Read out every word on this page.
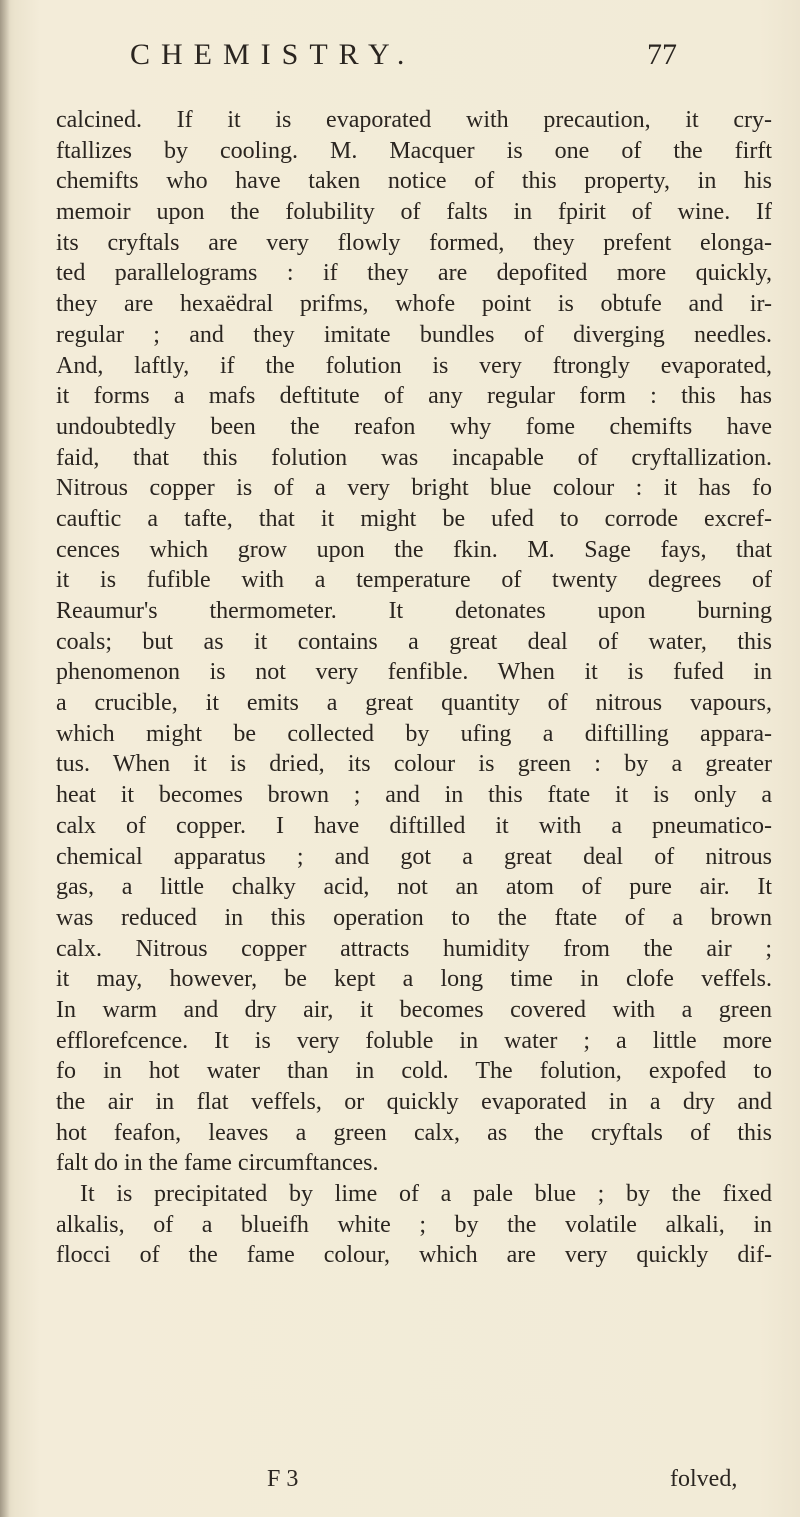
CHEMISTRY.	77
calcined. If it is evaporated with precaution, it cry-
ftallizes by cooling. M. Macquer is one of the firft
chemifts who have taken notice of this property, in his
memoir upon the folubility of falts in fpirit of wine. If
its cryftals are very flowly formed, they prefent elonga-
ted parallelograms : if they are depofited more quickly,
they are hexaëdral prifms, whofe point is obtufe and ir-
regular ; and they imitate bundles of diverging needles.
And, laftly, if the folution is very ftrongly evaporated,
it forms a mafs deftitute of any regular form : this has
undoubtedly been the reafon why fome chemifts have
faid, that this folution was incapable of cryftallization.
Nitrous copper is of a very bright blue colour : it has fo
cauftic a tafte, that it might be ufed to corrode excref-
cences which grow upon the fkin. M. Sage fays, that
it is fufible with a temperature of twenty degrees of
Reaumur's thermometer. It detonates upon burning
coals; but as it contains a great deal of water, this
phenomenon is not very fenfible. When it is fufed in
a crucible, it emits a great quantity of nitrous vapours,
which might be collected by ufing a diftilling appara-
tus. When it is dried, its colour is green : by a greater
heat it becomes brown ; and in this ftate it is only a
calx of copper. I have diftilled it with a pneumatico-
chemical apparatus ; and got a great deal of nitrous
gas, a little chalky acid, not an atom of pure air. It
was reduced in this operation to the ftate of a brown
calx. Nitrous copper attracts humidity from the air ;
it may, however, be kept a long time in clofe veffels.
In warm and dry air, it becomes covered with a green
efflorefcence. It is very foluble in water ; a little more
fo in hot water than in cold. The folution, expofed to
the air in flat veffels, or quickly evaporated in a dry and
hot feafon, leaves a green calx, as the cryftals of this
falt do in the fame circumftances.
It is precipitated by lime of a pale blue ; by the fixed
alkalis, of a blueifh white ; by the volatile alkali, in
flocci of the fame colour, which are very quickly dif-
F 3	folved,
